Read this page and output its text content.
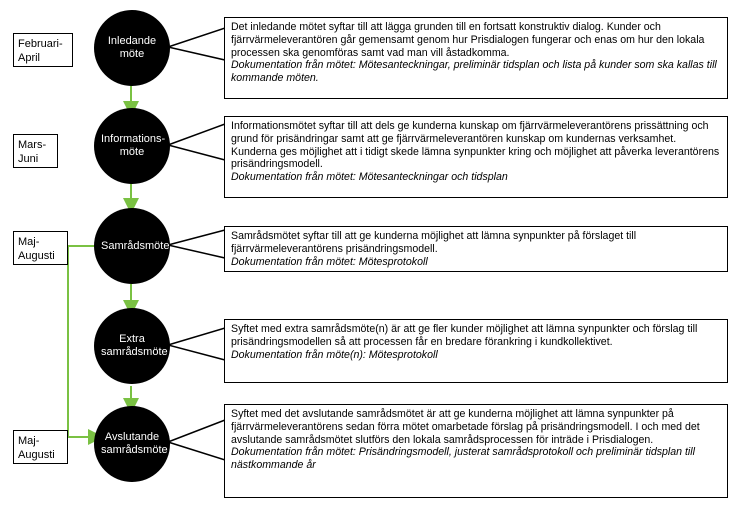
Februari-April
Mars-Juni
Maj-Augusti
Maj-Augusti
Inledande möte
Informations-möte
Samrådsmöte
Extra samrådsmöte
Avslutande samrådsmöte
Det inledande mötet syftar till att lägga grunden till en fortsatt konstruktiv dialog. Kunder och fjärrvärmeleverantören går gemensamt genom hur Prisdialogen fungerar och enas om hur den lokala processen ska genomföras samt vad man vill åstadkomma.
Dokumentation från mötet: Mötesanteckningar, preliminär tidsplan och lista på kunder som ska kallas till kommande möten.
Informationsmötet syftar till att dels ge kunderna kunskap om fjärrvärmeleverantörens prissättning och grund för prisändringar samt att ge fjärrvärmeleverantören kunskap om kundernas verksamhet. Kunderna ges möjlighet att i tidigt skede lämna synpunkter kring och möjlighet att påverka leverantörens prisändringsmodell.
Dokumentation från mötet: Mötesanteckningar och tidsplan
Samrådsmötet syftar till att ge kunderna möjlighet att lämna synpunkter på förslaget till fjärrvärmeleverantörens prisändringsmodell.
Dokumentation från mötet: Mötesprotokoll
Syftet med extra samrådsmöte(n) är att ge fler kunder möjlighet att lämna synpunkter och förslag till prisändringsmodellen så att processen får en bredare förankring i kundkollektivet.
Dokumentation från möte(n): Mötesprotokoll
Syftet med det avslutande samrådsmötet är att ge kunderna möjlighet att lämna synpunkter på fjärrvärmeleverantörens sedan förra mötet omarbetade förslag på prisändringsmodell. I och med det avslutande samrådsmötet slutförs den lokala samrådsprocessen för inträde i Prisdialogen.
Dokumentation från mötet: Prisändringsmodell, justerat samrådsprotokoll och preliminär tidsplan till nästkommande år
